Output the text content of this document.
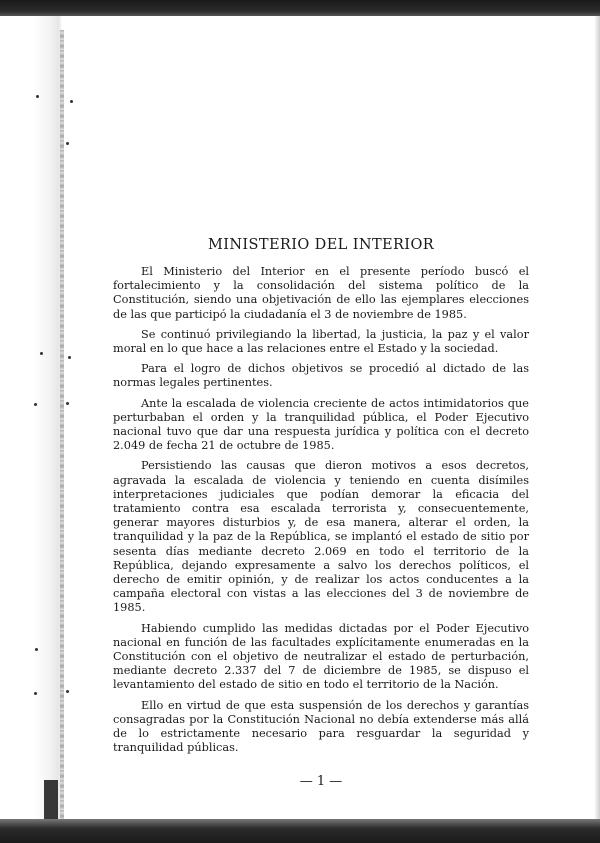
MINISTERIO DEL INTERIOR

El Ministerio del Interior en el presente período buscó el fortalecimiento y la consolidación del sistema político de la Constitución, siendo una objetivación de ello las ejemplares elecciones de las que participó la ciudadanía el 3 de noviembre de 1985.

Se continuó privilegiando la libertad, la justicia, la paz y el valor moral en lo que hace a las relaciones entre el Estado y la sociedad.

Para el logro de dichos objetivos se procedió al dictado de las normas legales pertinentes.

Ante la escalada de violencia creciente de actos intimidatorios que perturbaban el orden y la tranquilidad pública, el Poder Ejecutivo nacional tuvo que dar una respuesta jurídica y política con el decreto 2.049 de fecha 21 de octubre de 1985.

Persistiendo las causas que dieron motivos a esos decretos, agravada la escalada de violencia y teniendo en cuenta disímiles interpretaciones judiciales que podían demorar la eficacia del tratamiento contra esa escalada terrorista y, consecuentemente, generar mayores disturbios y, de esa manera, alterar el orden, la tranquilidad y la paz de la República, se implantó el estado de sitio por sesenta días mediante decreto 2.069 en todo el territorio de la República, dejando expresamente a salvo los derechos políticos, el derecho de emitir opinión, y de realizar los actos conducentes a la campaña electoral con vistas a las elecciones del 3 de noviembre de 1985.

Habiendo cumplido las medidas dictadas por el Poder Ejecutivo nacional en función de las facultades explícitamente enumeradas en la Constitución con el objetivo de neutralizar el estado de perturbación, mediante decreto 2.337 del 7 de diciembre de 1985, se dispuso el levantamiento del estado de sitio en todo el territorio de la Nación.

Ello en virtud de que esta suspensión de los derechos y garantías consagradas por la Constitución Nacional no debía extenderse más allá de lo estrictamente necesario para resguardar la seguridad y tranquilidad públicas.

— 1 —
